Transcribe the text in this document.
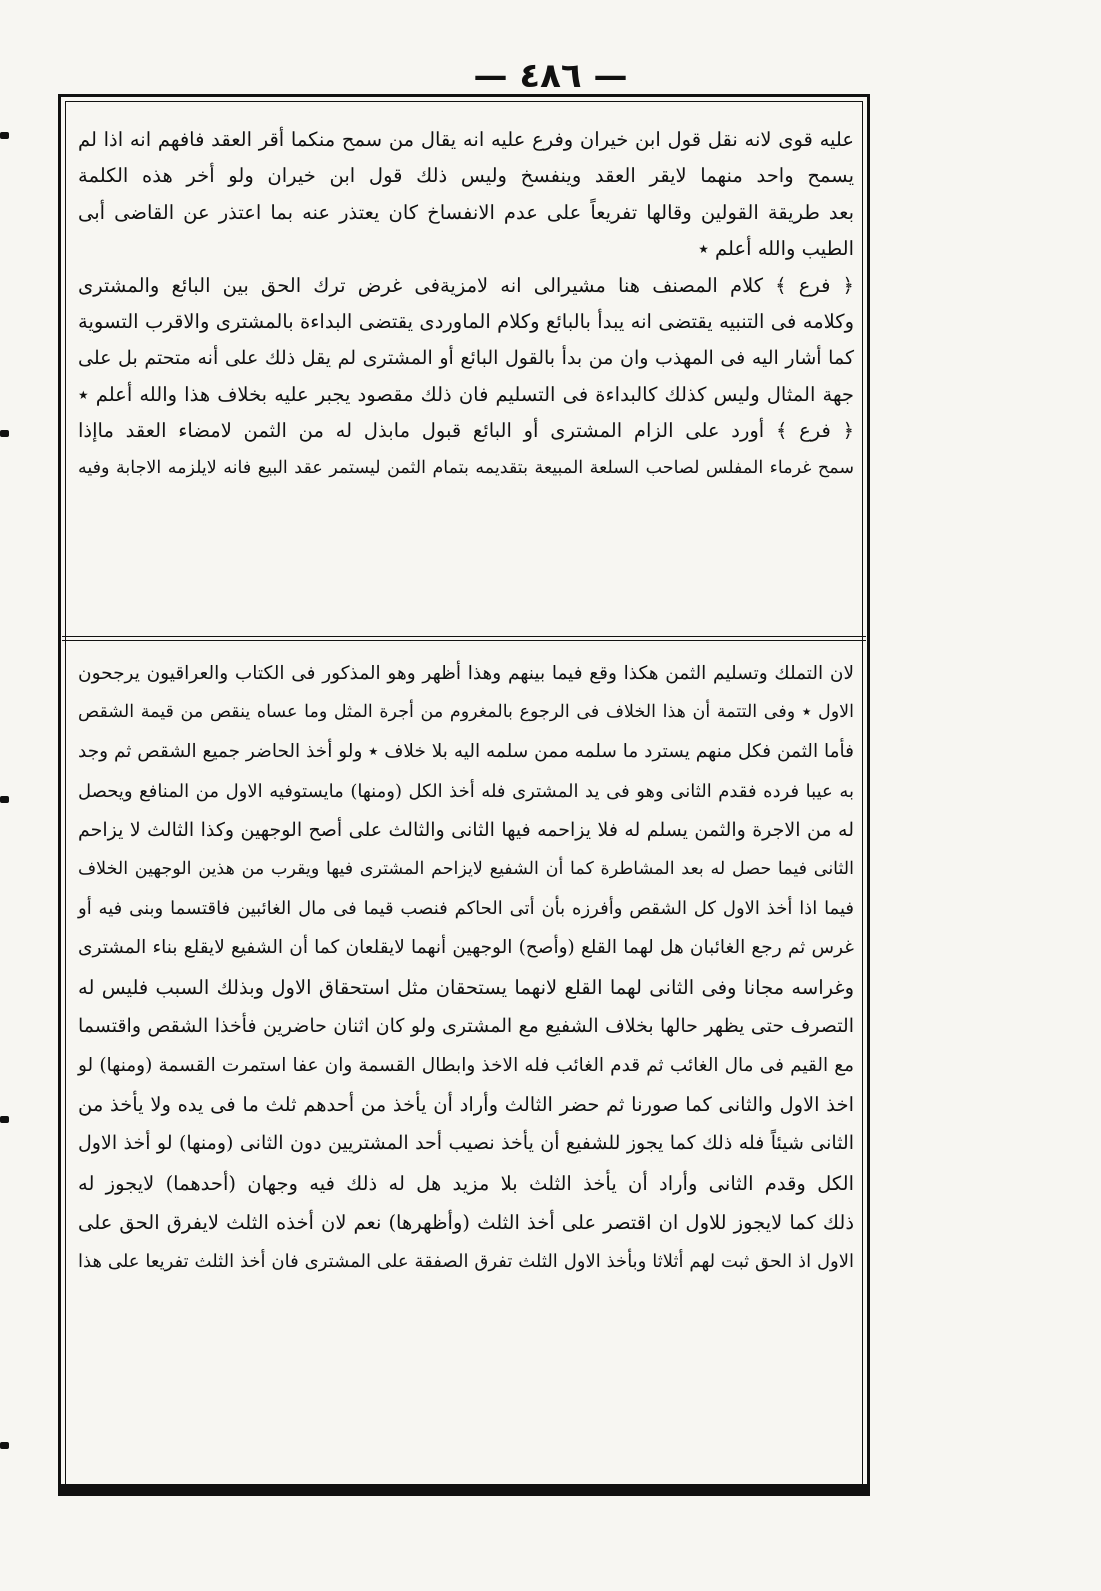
— ٤٨٦ —

عليه قوى لانه نقل قول ابن خيران وفرع عليه انه يقال من سمح منكما أقر العقد فافهم انه اذا لم

يسمح واحد منهما لايقر العقد وينفسخ وليس ذلك قول ابن خيران ولو أخر هذه الكلمة

بعد طريقة القولين وقالها تفريعاً على عدم الانفساخ كان يعتذر عنه بما اعتذر عن القاضى أبى

الطيب والله أعلم ٭

﴿ فرع ﴾ كلام المصنف هنا مشيرالى انه لامزيةفى غرض ترك الحق بين البائع والمشترى

وكلامه فى التنبيه يقتضى انه يبدأ بالبائع وكلام الماوردى يقتضى البداءة بالمشترى والاقرب التسوية

كما أشار اليه فى المهذب وان من بدأ بالقول البائع أو المشترى لم يقل ذلك على أنه متحتم بل على

جهة المثال وليس كذلك كالبداءة فى التسليم فان ذلك مقصود يجبر عليه بخلاف هذا والله أعلم ٭

﴿ فرع ﴾ أورد على الزام المشترى أو البائع قبول مابذل له من الثمن لامضاء العقد ماإذا

سمح غرماء المفلس لصاحب السلعة المبيعة بتقديمه بتمام الثمن ليستمر عقد البيع فانه لايلزمه الاجابة وفيه

لان التملك وتسليم الثمن هكذا وقع فيما بينهم وهذا أظهر وهو المذكور فى الكتاب والعراقيون يرجحون

الاول ٭ وفى التتمة أن هذا الخلاف فى الرجوع بالمغروم من أجرة المثل وما عساه ينقص من قيمة الشقص

فأما الثمن فكل منهم يسترد ما سلمه ممن سلمه اليه بلا خلاف ٭ ولو أخذ الحاضر جميع الشقص ثم وجد

به عيبا فرده فقدم الثانى وهو فى يد المشترى فله أخذ الكل (ومنها) مايستوفيه الاول من المنافع ويحصل

له من الاجرة والثمن يسلم له فلا يزاحمه فيها الثانى والثالث على أصح الوجهين وكذا الثالث لا يزاحم

الثانى فيما حصل له بعد المشاطرة كما أن الشفيع لايزاحم المشترى فيها ويقرب من هذين الوجهين الخلاف

فيما اذا أخذ الاول كل الشقص وأفرزه بأن أتى الحاكم فنصب قيما فى مال الغائبين فاقتسما وبنى فيه أو

غرس ثم رجع الغائبان هل لهما القلع (وأصح) الوجهين أنهما لايقلعان كما أن الشفيع لايقلع بناء المشترى

وغراسه مجانا وفى الثانى لهما القلع لانهما يستحقان مثل استحقاق الاول وبذلك السبب فليس له

التصرف حتى يظهر حالها بخلاف الشفيع مع المشترى ولو كان اثنان حاضرين فأخذا الشقص واقتسما

مع القيم فى مال الغائب ثم قدم الغائب فله الاخذ وابطال القسمة وان عفا استمرت القسمة (ومنها) لو

اخذ الاول والثانى كما صورنا ثم حضر الثالث وأراد أن يأخذ من أحدهم ثلث ما فى يده ولا يأخذ من

الثانى شيئاً فله ذلك كما يجوز للشفيع أن يأخذ نصيب أحد المشتريين دون الثانى (ومنها) لو أخذ الاول

الكل وقدم الثانى وأراد أن يأخذ الثلث بلا مزيد هل له ذلك فيه وجهان (أحدهما) لايجوز له

ذلك كما لايجوز للاول ان اقتصر على أخذ الثلث (وأظهرها) نعم لان أخذه الثلث لايفرق الحق على

الاول اذ الحق ثبت لهم أثلاثا وبأخذ الاول الثلث تفرق الصفقة على المشترى فان أخذ الثلث تفريعا على هذا
